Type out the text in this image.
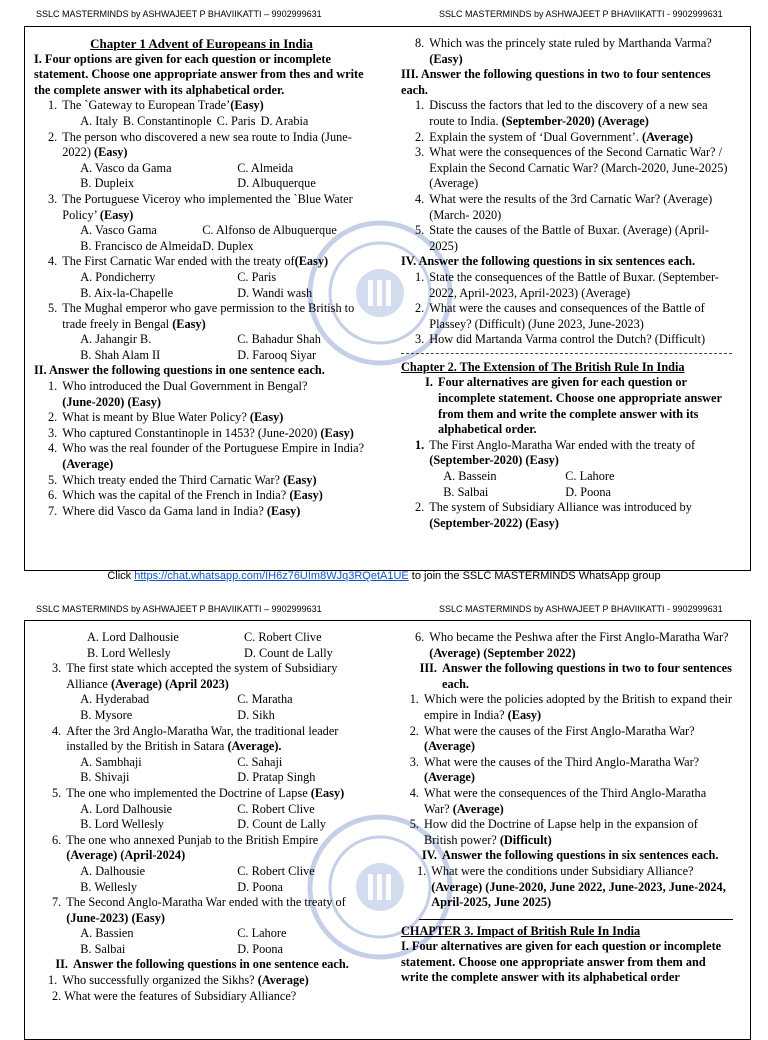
SSLC MASTERMINDS by ASHWAJEET P BHAVIIKATTI – 9902999631	SSLC MASTERMINDS by ASHWAJEET P BHAVIIKATTI - 9902999631

Chapter 1 Advent of Europeans in India

I. Four options are given for each question or incomplete statement. Choose one appropriate answer from thes and write the complete answer with its alphabetical order.

1. The `Gateway to European Trade’(Easy)
A. Italy B. Constantinople C. Paris D. Arabia
2. The person who discovered a new sea route to India (June-2022) (Easy)
A. Vasco da Gama	C. Almeida
B. Dupleix	D. Albuquerque
3. The Portuguese Viceroy who implemented the `Blue Water Policy’ (Easy)
A. Vasco Gama	C. Alfonso de Albuquerque
B. Francisco de Almeida D. Duplex
4. The First Carnatic War ended with the treaty of(Easy)
A. Pondicherry	C. Paris
B. Aix-la-Chapelle	D. Wandi wash
5. The Mughal emperor who gave permission to the British to trade freely in Bengal (Easy)
A. Jahangir B.	C. Bahadur Shah
B. Shah Alam II	D. Farooq Siyar

II. Answer the following questions in one sentence each.

1. Who introduced the Dual Government in Bengal?
(June-2020) (Easy)
2. What is meant by Blue Water Policy? (Easy)
3. Who captured Constantinople in 1453? (June-2020) (Easy)
4. Who was the real founder of the Portuguese Empire in India? (Average)
5. Which treaty ended the Third Carnatic War? (Easy)
6. Which was the capital of the French in India? (Easy)
7. Where did Vasco da Gama land in India? (Easy)
8. Which was the princely state ruled by Marthanda Varma? (Easy)

III. Answer the following questions in two to four sentences each.

1. Discuss the factors that led to the discovery of a new sea route to India. (September-2020) (Average)
2. Explain the system of ‘Dual Government’. (Average)
3. What were the consequences of the Second Carnatic War? / Explain the Second Carnatic War? (March-2020, June-2025) (Average)
4. What were the results of the 3rd Carnatic War? (Average) (March- 2020)
5. State the causes of the Battle of Buxar. (Average) (April-2025)

IV. Answer the following questions in six sentences each.

1. State the consequences of the Battle of Buxar. (September-2022, April-2023, April-2023) (Average)
2. What were the causes and consequences of the Battle of Plassey? (Difficult) (June 2023, June-2023)
3. How did Martanda Varma control the Dutch? (Difficult)

Chapter 2. The Extension of The British Rule In India

I. Four alternatives are given for each question or incomplete statement. Choose one appropriate answer from them and write the complete answer with its alphabetical order.
1. The First Anglo-Maratha War ended with the treaty of (September-2020) (Easy)
A. Bassein	C. Lahore
B. Salbai	D. Poona
2. The system of Subsidiary Alliance was introduced by (September-2022) (Easy)
Click https://chat.whatsapp.com/IH6z76UIm8WJq3RQetA1UE to join the SSLC MASTERMINDS WhatsApp group
SSLC MASTERMINDS by ASHWAJEET P BHAVIIKATTI – 9902999631	SSLC MASTERMINDS by ASHWAJEET P BHAVIIKATTI - 9902999631
A. Lord Dalhousie	C. Robert Clive
B. Lord Wellesly	D. Count de Lally
3. The first state which accepted the system of Subsidiary Alliance (Average) (April 2023)
A. Hyderabad	C. Maratha
B. Mysore	D. Sikh
4. After the 3rd Anglo-Maratha War, the traditional leader installed by the British in Satara (Average).
A. Sambhaji	C. Sahaji
B. Shivaji	D. Pratap Singh
5. The one who implemented the Doctrine of Lapse (Easy)
A. Lord Dalhousie	C. Robert Clive
B. Lord Wellesly	D. Count de Lally
6. The one who annexed Punjab to the British Empire (Average) (April-2024)
A. Dalhousie	C. Robert Clive
B. Wellesly	D. Poona
7. The Second Anglo-Maratha War ended with the treaty of (June-2023) (Easy)
A. Bassien	C. Lahore
B. Salbai	D. Poona
II. Answer the following questions in one sentence each.
1. Who successfully organized the Sikhs? (Average)
2. What were the features of Subsidiary Alliance?
6. Who became the Peshwa after the First Anglo-Maratha War? (Average) (September 2022)
III. Answer the following questions in two to four sentences each.
1. Which were the policies adopted by the British to expand their empire in India? (Easy)
2. What were the causes of the First Anglo-Maratha War? (Average)
3. What were the causes of the Third Anglo-Maratha War? (Average)
4. What were the consequences of the Third Anglo-Maratha War? (Average)
5. How did the Doctrine of Lapse help in the expansion of British power? (Difficult)
IV. Answer the following questions in six sentences each.
1. What were the conditions under Subsidiary Alliance? (Average) (June-2020, June 2022, June-2023, June-2024, April-2025, June 2025)

CHAPTER 3. Impact of British Rule In India

I. Four alternatives are given for each question or incomplete statement. Choose one appropriate answer from them and write the complete answer with its alphabetical order
